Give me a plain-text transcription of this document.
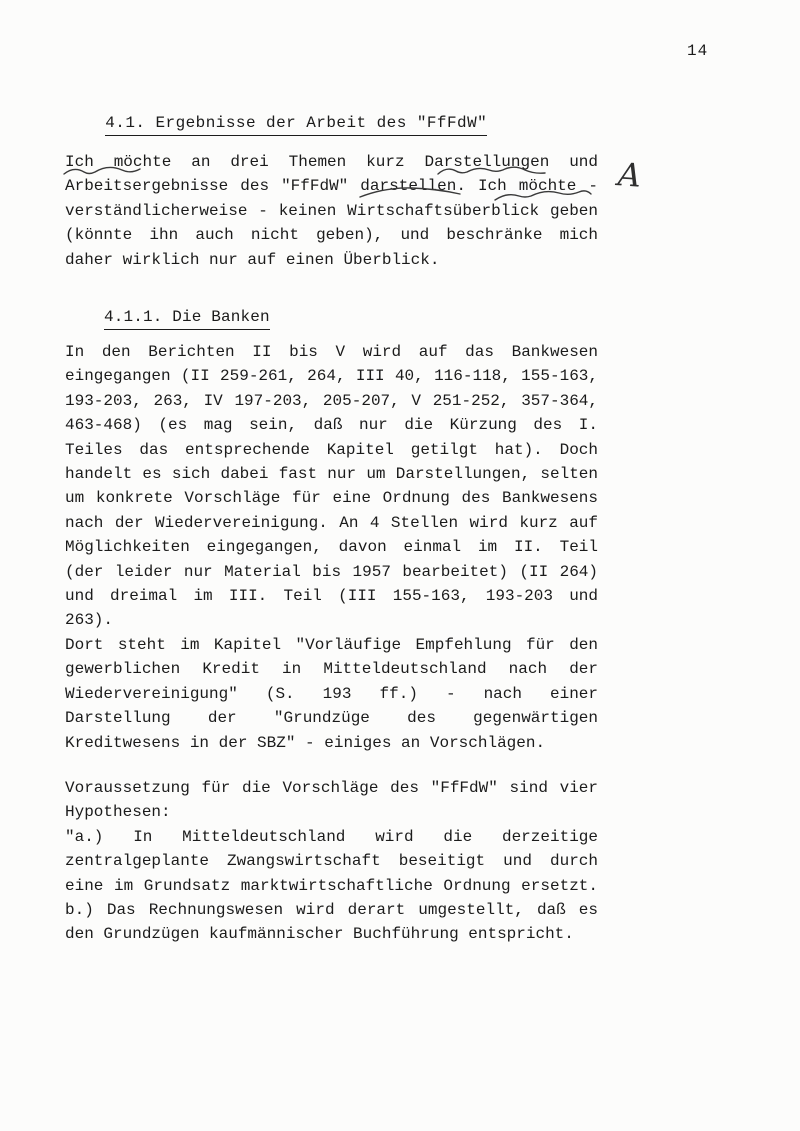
14

4.1. Ergebnisse der Arbeit des "FfFdW"

Ich möchte an drei Themen kurz Darstellungen und
Arbeitsergebnisse des "FfFdW" darstellen. Ich möchte -
verständlicherweise - keinen Wirtschaftsüberblick geben
(könnte ihn auch nicht geben), und beschränke mich
daher wirklich nur auf einen Überblick.

4.1.1. Die Banken

In den Berichten II bis V wird auf das Bankwesen
eingegangen (II 259-261, 264, III 40, 116-118, 155-163,
193-203, 263, IV 197-203, 205-207, V 251-252, 357-364,
463-468) (es mag sein, daß nur die Kürzung des I.
Teiles das entsprechende Kapitel getilgt hat). Doch
handelt es sich dabei fast nur um Darstellungen, selten
um konkrete Vorschläge für eine Ordnung des Bankwesens
nach der Wiedervereinigung. An 4 Stellen wird kurz auf
Möglichkeiten eingegangen, davon einmal im II. Teil
(der leider nur Material bis 1957 bearbeitet) (II 264)
und dreimal im III. Teil (III 155-163, 193-203 und
263).
Dort steht im Kapitel "Vorläufige Empfehlung für den
gewerblichen Kredit in Mitteldeutschland nach der
Wiedervereinigung" (S. 193 ff.) - nach einer
Darstellung der "Grundzüge des gegenwärtigen
Kreditwesens in der SBZ" - einiges an Vorschlägen.
Voraussetzung für die Vorschläge des "FfFdW" sind vier
Hypothesen:
"a.) In Mitteldeutschland wird die derzeitige
zentralgeplante Zwangswirtschaft beseitigt und durch
eine im Grundsatz marktwirtschaftliche Ordnung ersetzt.
b.) Das Rechnungswesen wird derart umgestellt, daß es
den Grundzügen kaufmännischer Buchführung entspricht.
A
